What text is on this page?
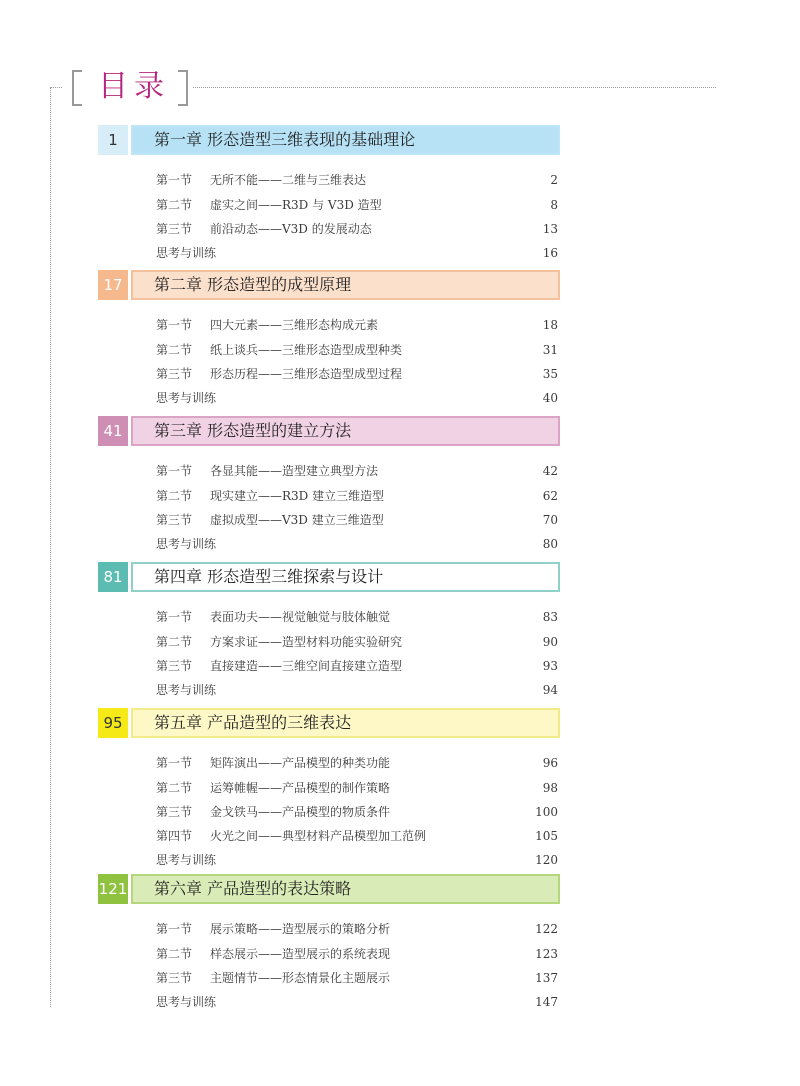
目录
1	第一章 形态造型三维表现的基础理论
第一节 无所不能——二维与三维表达	2
第二节 虚实之间——R3D 与 V3D 造型	8
第三节 前沿动态——V3D 的发展动态	13
思考与训练	16
17	第二章 形态造型的成型原理
第一节 四大元素——三维形态构成元素	18
第二节 纸上谈兵——三维形态造型成型种类	31
第三节 形态历程——三维形态造型成型过程	35
思考与训练	40
41	第三章 形态造型的建立方法
第一节 各显其能——造型建立典型方法	42
第二节 现实建立——R3D 建立三维造型	62
第三节 虚拟成型——V3D 建立三维造型	70
思考与训练	80
81	第四章 形态造型三维探索与设计
第一节 表面功夫——视觉触觉与肢体触觉	83
第二节 方案求证——造型材料功能实验研究	90
第三节 直接建造——三维空间直接建立造型	93
思考与训练	94
95	第五章 产品造型的三维表达
第一节 矩阵演出——产品模型的种类功能	96
第二节 运筹帷幄——产品模型的制作策略	98
第三节 金戈铁马——产品模型的物质条件	100
第四节 火光之间——典型材料产品模型加工范例	105
思考与训练	120
121 第六章 产品造型的表达策略
第一节 展示策略——造型展示的策略分析	122
第二节 样态展示——造型展示的系统表现	123
第三节 主题情节——形态情景化主题展示	137
思考与训练	147
